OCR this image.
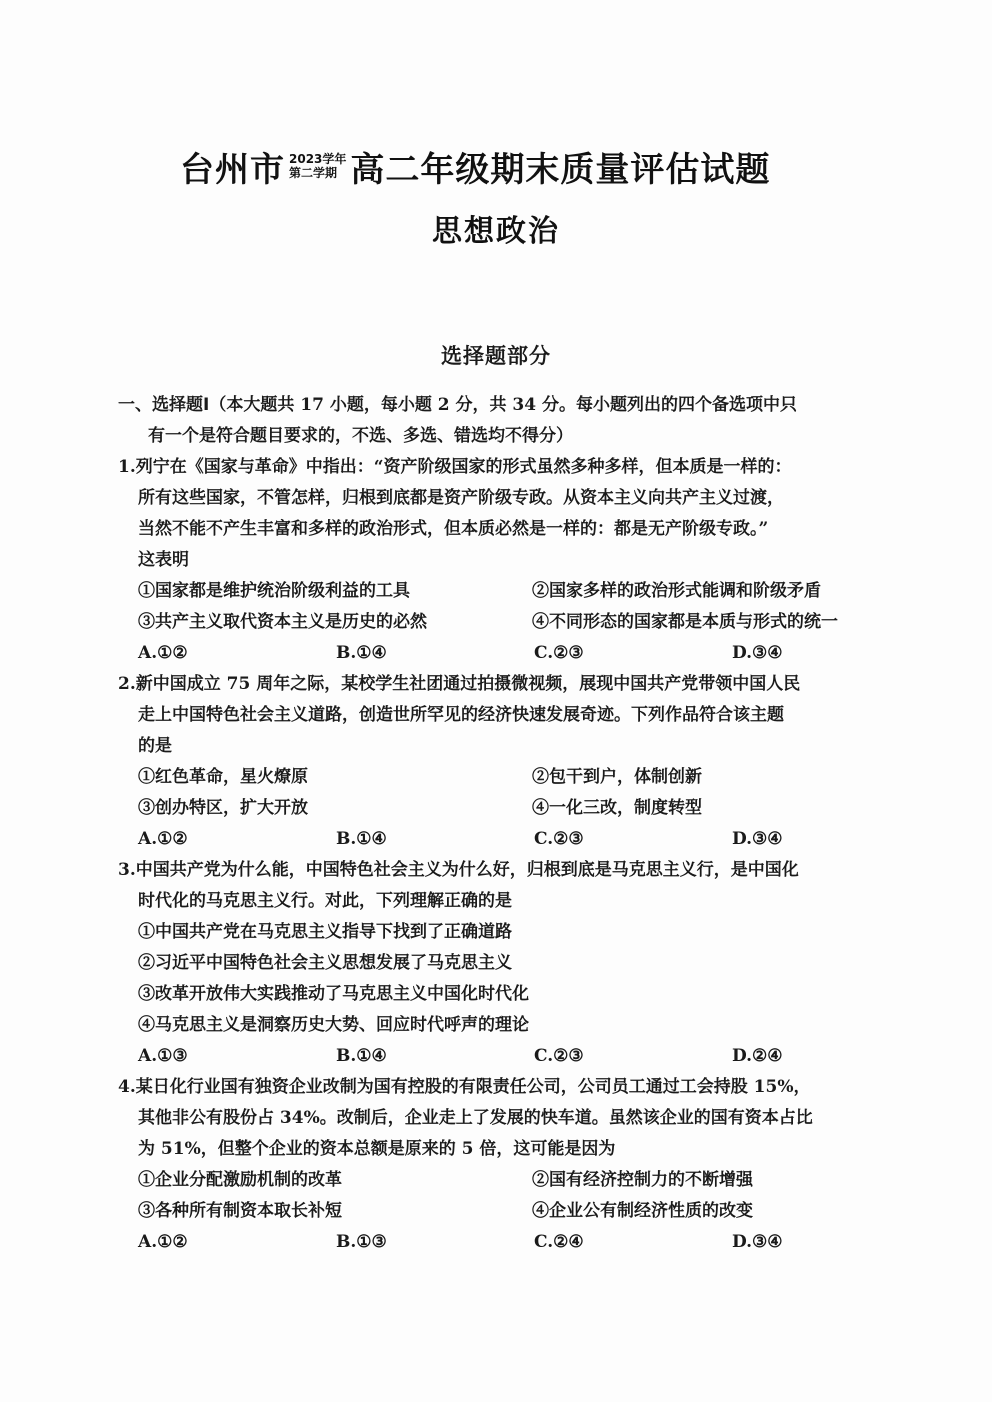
台州市 2023学年
第二学期 高二年级期末质量评估试题
思想政治
选择题部分
一、选择题Ⅰ（本大题共 17 小题，每小题 2 分，共 34 分。每小题列出的四个备选项中只
有一个是符合题目要求的，不选、多选、错选均不得分）
1.列宁在《国家与革命》中指出：“资产阶级国家的形式虽然多种多样，但本质是一样的：
所有这些国家，不管怎样，归根到底都是资产阶级专政。从资本主义向共产主义过渡，
当然不能不产生丰富和多样的政治形式，但本质必然是一样的：都是无产阶级专政。”
这表明
①国家都是维护统治阶级利益的工具	②国家多样的政治形式能调和阶级矛盾
③共产主义取代资本主义是历史的必然	④不同形态的国家都是本质与形式的统一
A.①②	B.①④	C.②③	D.③④
2.新中国成立 75 周年之际，某校学生社团通过拍摄微视频，展现中国共产党带领中国人民
走上中国特色社会主义道路，创造世所罕见的经济快速发展奇迹。下列作品符合该主题
的是
①红色革命，星火燎原	②包干到户，体制创新
③创办特区，扩大开放	④一化三改，制度转型
A.①②	B.①④	C.②③	D.③④
3.中国共产党为什么能，中国特色社会主义为什么好，归根到底是马克思主义行，是中国化
时代化的马克思主义行。对此，下列理解正确的是
①中国共产党在马克思主义指导下找到了正确道路
②习近平中国特色社会主义思想发展了马克思主义
③改革开放伟大实践推动了马克思主义中国化时代化
④马克思主义是洞察历史大势、回应时代呼声的理论
A.①③	B.①④	C.②③	D.②④
4.某日化行业国有独资企业改制为国有控股的有限责任公司，公司员工通过工会持股 15%，
其他非公有股份占 34%。改制后，企业走上了发展的快车道。虽然该企业的国有资本占比
为 51%，但整个企业的资本总额是原来的 5 倍，这可能是因为
①企业分配激励机制的改革	②国有经济控制力的不断增强
③各种所有制资本取长补短	④企业公有制经济性质的改变
A.①②	B.①③	C.②④	D.③④
